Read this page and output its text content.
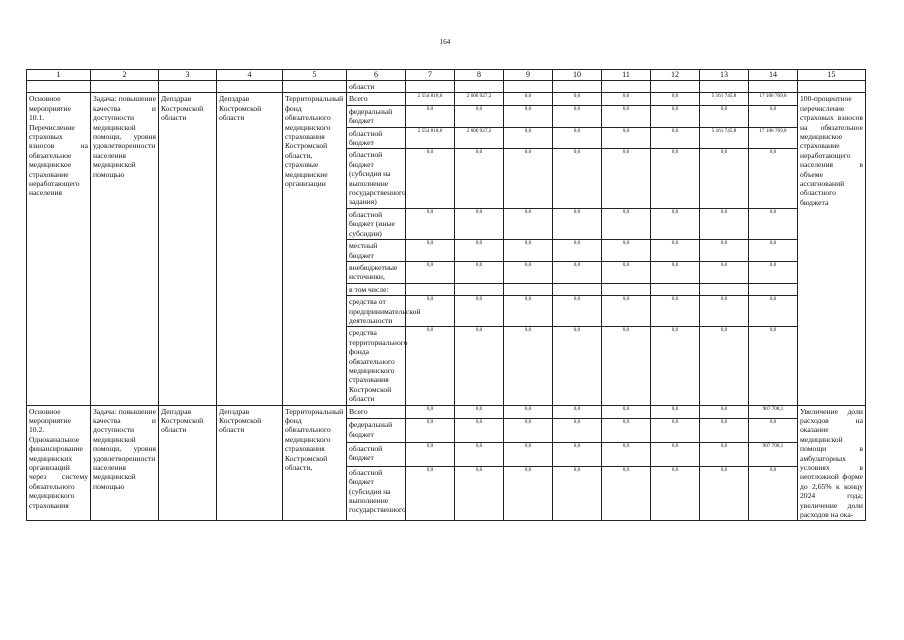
164
1	2	3	4	5	6	7	8	9	10	11	12	13	14	15
					области									
Основное мероприятие 10.1. Перечисление страховых взносов на обязательное медицинское страхование неработающего населения	Задача: повышение качества и доступности медицинской помощи, уровня удовлетворенности населения медицинской помощью	Депздрав Костромской области	Депздрав Костромской области	Территориальный фонд обязательного медицинского страхования Костромской области, страховые медицинские организации	Всего	2 554 818,6	2 606 927,2	0,0	0,0	0,0	0,0	5 161 745,8	17 106 769,8	100-процентное перечисление страховых взносов на обязательное медицинское страхование неработающего населения в объеме ассигнований областного бюджета
					федеральный бюджет	0,0	0,0	0,0	0,0	0,0	0,0	0,0	0,0	
					областной бюджет	2 554 818,6	2 606 927,2	0,0	0,0	0,0	0,0	5 161 745,8	17 106 769,8	
					областной бюджет (субсидия на выполнение государственного задания)	0,0	0,0	0,0	0,0	0,0	0,0	0,0	0,0	
					областной бюджет (иные субсидии)	0,0	0,0	0,0	0,0	0,0	0,0	0,0	0,0	
					местный бюджет	0,0	0,0	0,0	0,0	0,0	0,0	0,0	0,0	
					внебюджетные источники,	0,0	0,0	0,0	0,0	0,0	0,0	0,0	0,0	
					в том числе:									
					средства от предпринимательской деятельности	0,0	0,0	0,0	0,0	0,0	0,0	0,0	0,0	
					средства территориального фонда обязательного медицинского страхования Костромской области	0,0	0,0	0,0	0,0	0,0	0,0	0,0	0,0	
Основное мероприятие 10.2. Одноканальное финансирование медицинских организаций через систему обязательного медицинского страхования	Задача: повышение качества и доступности медицинской помощи, уровня удовлетворенности населения медицинской помощью	Депздрав Костромской области	Депздрав Костромской области	Территориальный фонд обязательного медицинского страхования Костромской области,	Всего	0,0	0,0	0,0	0,0	0,0	0,0	0,0	907 708,1	Увеличение доли расходов на оказание медицинской помощи в амбулаторных условиях в неотложной форме до 2,65% к концу 2024 года; увеличение доли расходов на ока-
					федеральный бюджет	0,0	0,0	0,0	0,0	0,0	0,0	0,0	0,0	
					областной бюджет	0,0	0,0	0,0	0,0	0,0	0,0	0,0	907 708,1	
					областной бюджет (субсидия на выполнение государственного	0,0	0,0	0,0	0,0	0,0	0,0	0,0	0,0	
